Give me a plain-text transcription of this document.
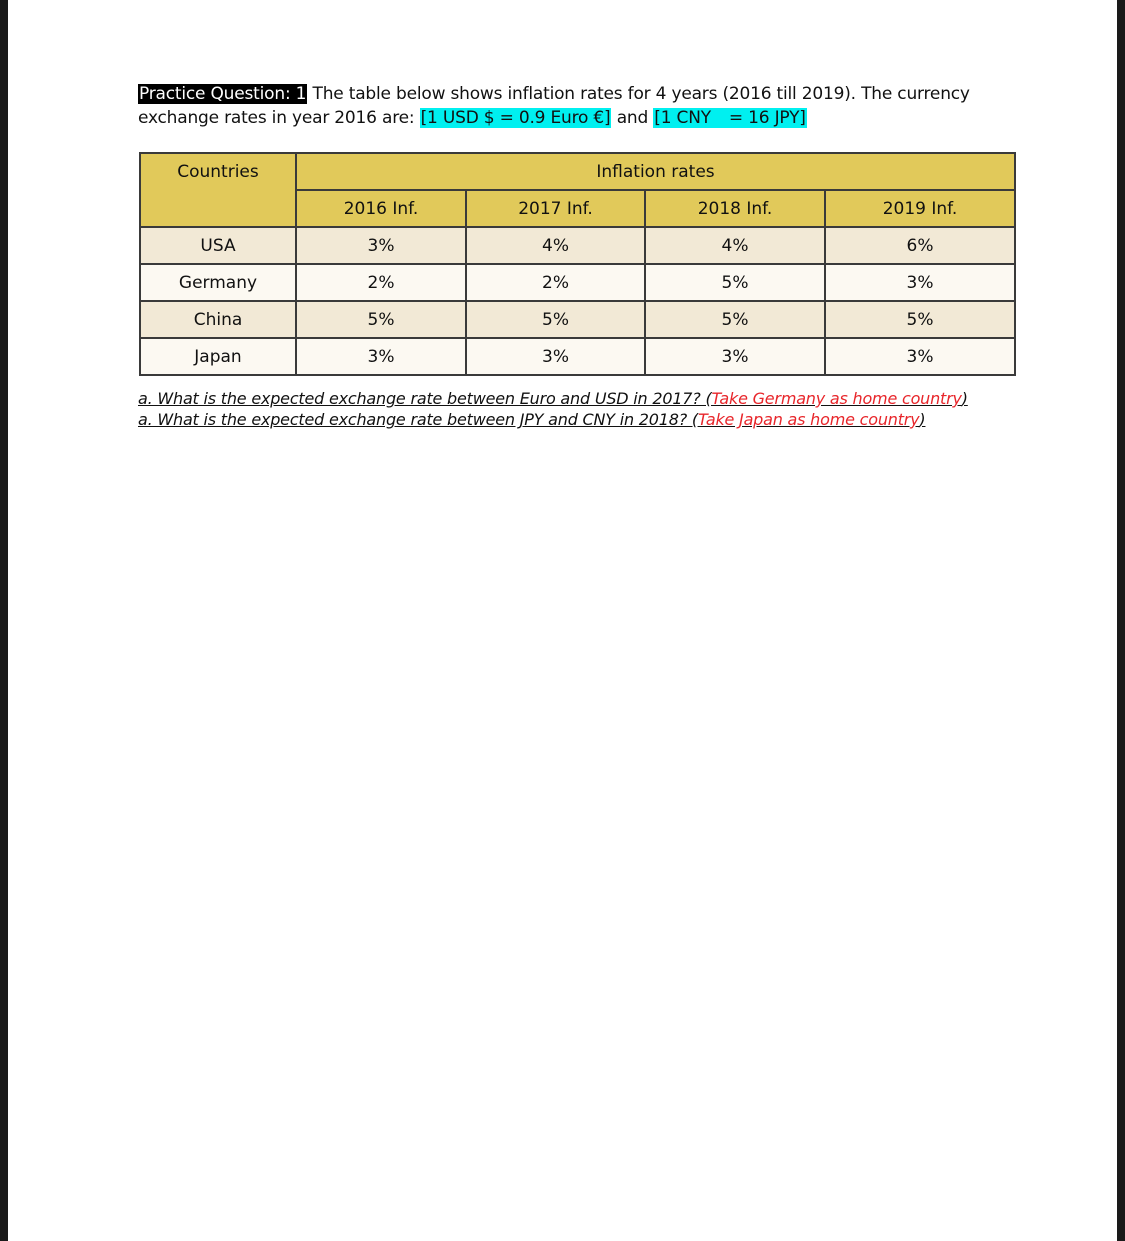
Practice Question: 1 The table below shows inflation rates for 4 years (2016 till 2019). The currency exchange rates in year 2016 are: [1 USD $ = 0.9 Euro €] and [1 CNY = 16 JPY]
Countries	Inflation rates			
	2016 Inf.	2017 Inf.	2018 Inf.	2019 Inf.
USA	3%	4%	4%	6%
Germany	2%	2%	5%	3%
China	5%	5%	5%	5%
Japan	3%	3%	3%	3%
a. What is the expected exchange rate between Euro and USD in 2017? (Take Germany as home country)
a. What is the expected exchange rate between JPY and CNY in 2018? (Take Japan as home country)
